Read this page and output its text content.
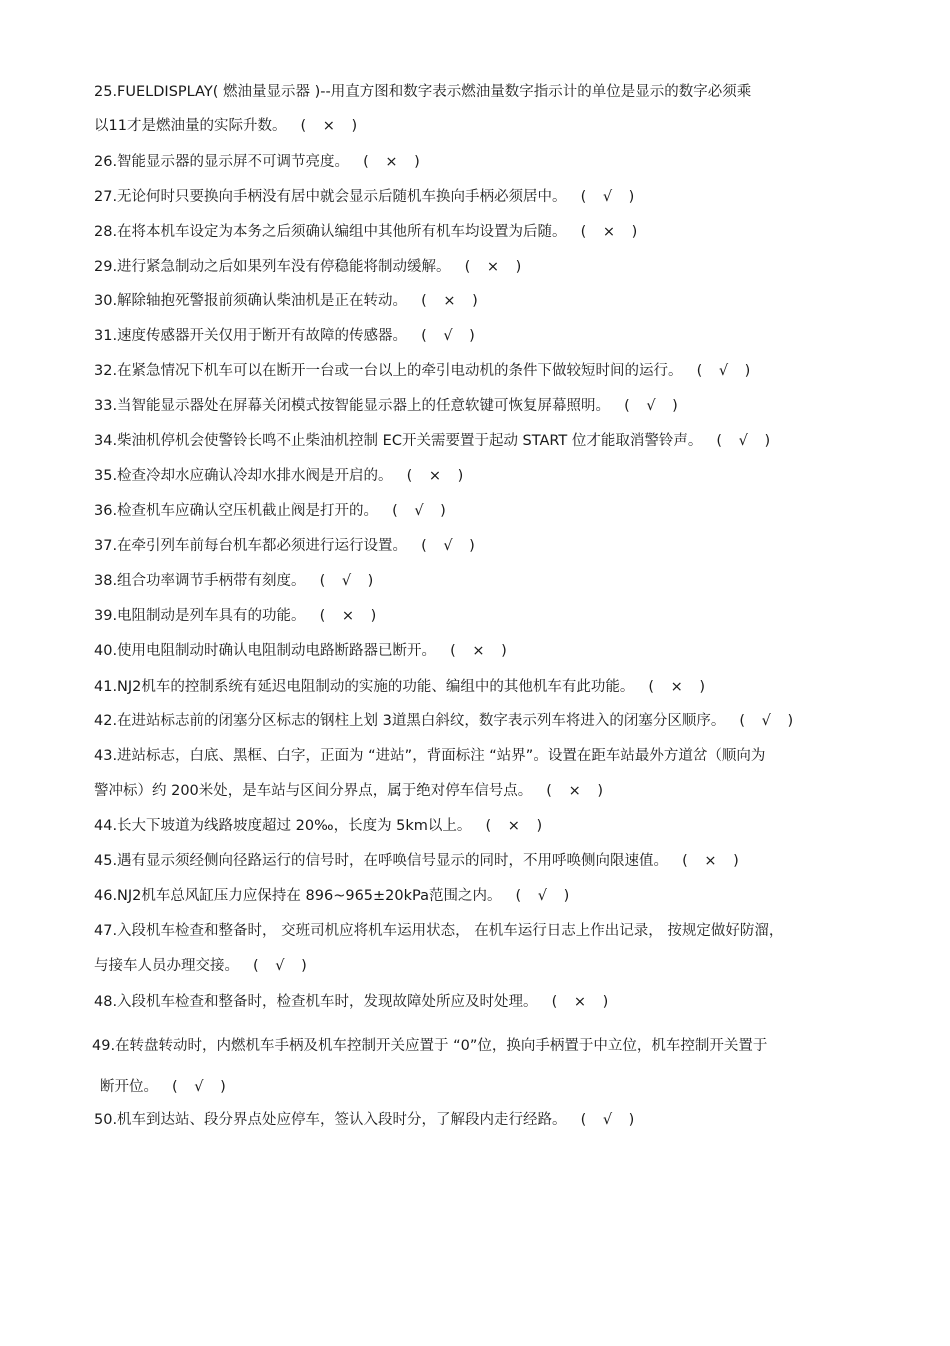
25.FUELDISPLAY( 燃油量显示器 )--用直方图和数字表示燃油量数字指示计的单位是显示的数字必须乘
以11才是燃油量的实际升数。 ( × )
26.智能显示器的显示屏不可调节亮度。 ( × )
27.无论何时只要换向手柄没有居中就会显示后随机车换向手柄必须居中。 ( √ )
28.在将本机车设定为本务之后须确认编组中其他所有机车均设置为后随。 ( × )
29.进行紧急制动之后如果列车没有停稳能将制动缓解。 ( × )
30.解除轴抱死警报前须确认柴油机是正在转动。 ( × )
31.速度传感器开关仅用于断开有故障的传感器。 ( √ )
32.在紧急情况下机车可以在断开一台或一台以上的牵引电动机的条件下做较短时间的运行。 ( √ )
33.当智能显示器处在屏幕关闭模式按智能显示器上的任意软键可恢复屏幕照明。 ( √ )
34.柴油机停机会使警铃长鸣不止柴油机控制 EC开关需要置于起动 START 位才能取消警铃声。 ( √ )
35.检查冷却水应确认冷却水排水阀是开启的。 ( × )
36.检查机车应确认空压机截止阀是打开的。 ( √ )
37.在牵引列车前每台机车都必须进行运行设置。 ( √ )
38.组合功率调节手柄带有刻度。 ( √ )
39.电阻制动是列车具有的功能。 ( × )
40.使用电阻制动时确认电阻制动电路断路器已断开。 ( × )
41.NJ2机车的控制系统有延迟电阻制动的实施的功能、编组中的其他机车有此功能。 ( × )
42.在进站标志前的闭塞分区标志的钢柱上划 3道黑白斜纹，数字表示列车将进入的闭塞分区顺序。 ( √ )
43.进站标志，白底、黑框、白字，正面为 “进站”，背面标注 “站界”。设置在距车站最外方道岔（顺向为
警冲标）约 200米处，是车站与区间分界点，属于绝对停车信号点。 ( × )
44.长大下坡道为线路坡度超过 20‰，长度为 5km以上。 ( × )
45.遇有显示须经侧向径路运行的信号时，在呼唤信号显示的同时，不用呼唤侧向限速值。 ( × )
46.NJ2机车总风缸压力应保持在 896~965±20kPa范围之内。 ( √ )
47.入段机车检查和整备时， 交班司机应将机车运用状态， 在机车运行日志上作出记录， 按规定做好防溜，
与接车人员办理交接。 ( √ )
48.入段机车检查和整备时，检查机车时，发现故障处所应及时处理。 ( × )
49.在转盘转动时，内燃机车手柄及机车控制开关应置于 “0”位，换向手柄置于中立位，机车控制开关置于
断开位。 ( √ )
50.机车到达站、段分界点处应停车，签认入段时分，了解段内走行经路。 ( √ )
